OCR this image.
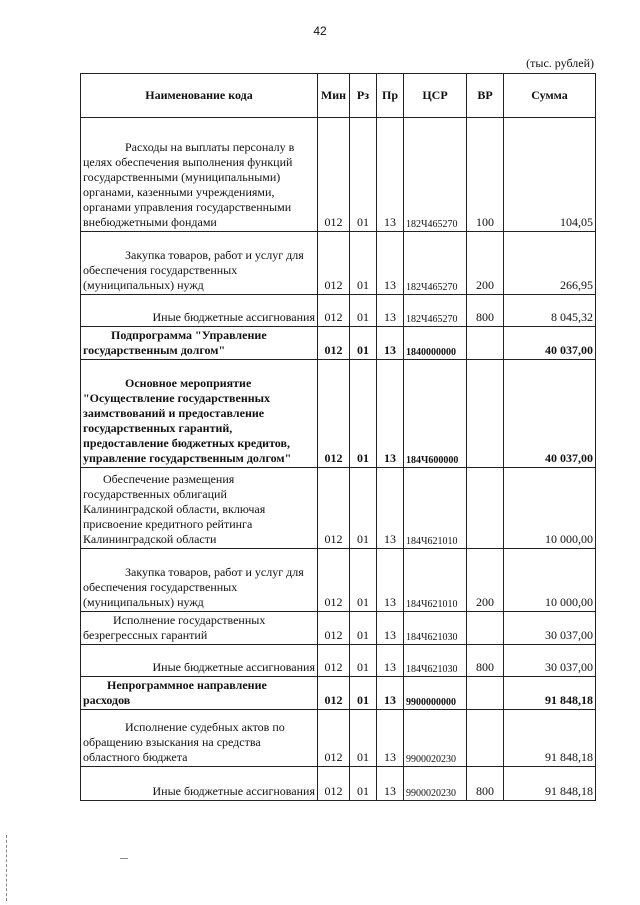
42
(тыс. рублей)
Наименование кода	Мин	Рз	Пр	ЦСР	ВР	Сумма
Расходы на выплаты персоналу в целях обеспечения выполнения функций государственными (муниципальными) органами, казенными учреждениями, органами управления государственными внебюджетными фондами	012	01	13	182Ч465270	100	104,05
Закупка товаров, работ и услуг для обеспечения государственных (муниципальных) нужд	012	01	13	182Ч465270	200	266,95
Иные бюджетные ассигнования	012	01	13	182Ч465270	800	8 045,32
Подпрограмма "Управление государственным долгом"	012	01	13	1840000000		40 037,00
Основное мероприятие "Осуществление государственных заимствований и предоставление государственных гарантий, предоставление бюджетных кредитов, управление государственным долгом"	012	01	13	184Ч600000		40 037,00
Обеспечение размещения государственных облигаций Калининградской области, включая присвоение кредитного рейтинга Калининградской области	012	01	13	184Ч621010		10 000,00
Закупка товаров, работ и услуг для обеспечения государственных (муниципальных) нужд	012	01	13	184Ч621010	200	10 000,00
Исполнение государственных безрегрессных гарантий	012	01	13	184Ч621030		30 037,00
Иные бюджетные ассигнования	012	01	13	184Ч621030	800	30 037,00
Непрограммное направление расходов	012	01	13	9900000000		91 848,18
Исполнение судебных актов по обращению взыскания на средства областного бюджета	012	01	13	9900020230		91 848,18
Иные бюджетные ассигнования	012	01	13	9900020230	800	91 848,18
